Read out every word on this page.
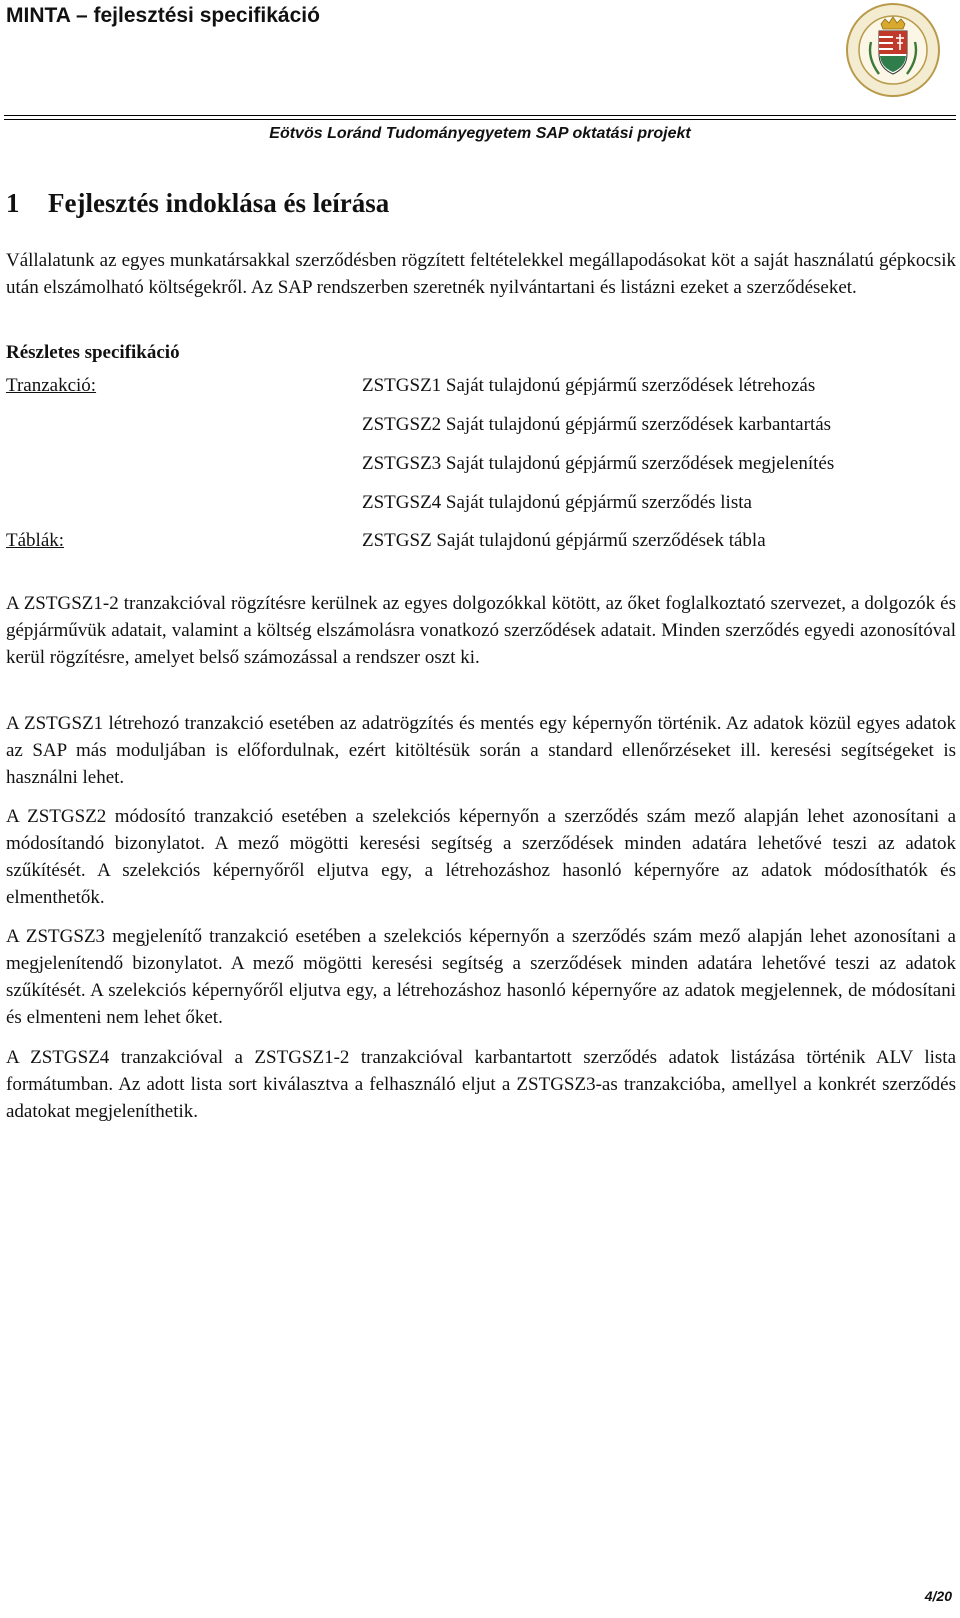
MINTA – fejlesztési specifikáció
Eötvös Loránd Tudományegyetem SAP oktatási projekt
1 Fejlesztés indoklása és leírása

Vállalatunk az egyes munkatársakkal szerződésben rögzített feltételekkel megállapodásokat köt a saját használatú gépkocsik után elszámolható költségekről. Az SAP rendszerben szeretnék nyilvántartani és listázni ezeket a szerződéseket.

Részletes specifikáció
Tranzakció:	ZSTGSZ1 Saját tulajdonú gépjármű szerződések létrehozás
ZSTGSZ2 Saját tulajdonú gépjármű szerződések karbantartás
ZSTGSZ3 Saját tulajdonú gépjármű szerződések megjelenítés
ZSTGSZ4 Saját tulajdonú gépjármű szerződés lista
Táblák:	ZSTGSZ Saját tulajdonú gépjármű szerződések tábla

A ZSTGSZ1-2 tranzakcióval rögzítésre kerülnek az egyes dolgozókkal kötött, az őket foglalkoztató szervezet, a dolgozók és gépjárművük adatait, valamint a költség elszámolásra vonatkozó szerződések adatait. Minden szerződés egyedi azonosítóval kerül rögzítésre, amelyet belső számozással a rendszer oszt ki.

A ZSTGSZ1 létrehozó tranzakció esetében az adatrögzítés és mentés egy képernyőn történik. Az adatok közül egyes adatok az SAP más moduljában is előfordulnak, ezért kitöltésük során a standard ellenőrzéseket ill. keresési segítségeket is használni lehet.

A ZSTGSZ2 módosító tranzakció esetében a szelekciós képernyőn a szerződés szám mező alapján lehet azonosítani a módosítandó bizonylatot. A mező mögötti keresési segítség a szerződések minden adatára lehetővé teszi az adatok szűkítését. A szelekciós képernyőről eljutva egy, a létrehozáshoz hasonló képernyőre az adatok módosíthatók és elmenthetők.

A ZSTGSZ3 megjelenítő tranzakció esetében a szelekciós képernyőn a szerződés szám mező alapján lehet azonosítani a megjelenítendő bizonylatot. A mező mögötti keresési segítség a szerződések minden adatára lehetővé teszi az adatok szűkítését. A szelekciós képernyőről eljutva egy, a létrehozáshoz hasonló képernyőre az adatok megjelennek, de módosítani és elmenteni nem lehet őket.

A ZSTGSZ4 tranzakcióval a ZSTGSZ1-2 tranzakcióval karbantartott szerződés adatok listázása történik ALV lista formátumban. Az adott lista sort kiválasztva a felhasználó eljut a ZSTGSZ3-as tranzakcióba, amellyel a konkrét szerződés adatokat megjeleníthetik.

4/20
